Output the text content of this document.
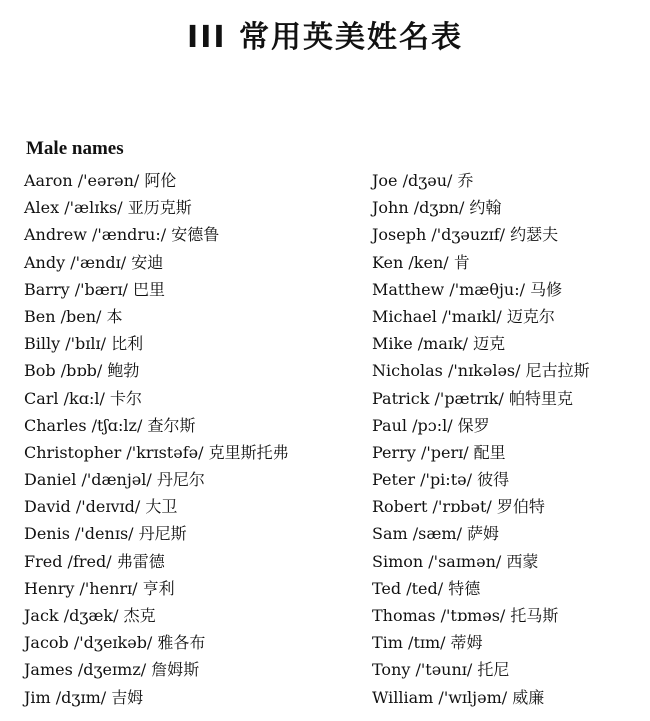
III 常用英美姓名表
Male names
Aaron /'eərən/ 阿伦
Alex /'ælɪks/ 亚历克斯
Andrew /'ændru:/ 安德鲁
Andy /'ændɪ/ 安迪
Barry /'bærɪ/ 巴里
Ben /ben/ 本
Billy /'bɪlɪ/ 比利
Bob /bɒb/ 鲍勃
Carl /kɑ:l/ 卡尔
Charles /tʃɑ:lz/ 查尔斯
Christopher /'krɪstəfə/ 克里斯托弗
Daniel /'dænjəl/ 丹尼尔
David /'deɪvɪd/ 大卫
Denis /'denɪs/ 丹尼斯
Fred /fred/ 弗雷德
Henry /'henrɪ/ 亨利
Jack /dʒæk/ 杰克
Jacob /'dʒeɪkəb/ 雅各布
James /dʒeɪmz/ 詹姆斯
Jim /dʒɪm/ 吉姆
Joe /dʒəu/ 乔
John /dʒɒn/ 约翰
Joseph /'dʒəuzɪf/ 约瑟夫
Ken /ken/ 肯
Matthew /'mæθju:/ 马修
Michael /'maɪkl/ 迈克尔
Mike /maɪk/ 迈克
Nicholas /'nɪkələs/ 尼古拉斯
Patrick /'pætrɪk/ 帕特里克
Paul /pɔ:l/ 保罗
Perry /'perɪ/ 配里
Peter /'pi:tə/ 彼得
Robert /'rɒbət/ 罗伯特
Sam /sæm/ 萨姆
Simon /'saɪmən/ 西蒙
Ted /ted/ 特德
Thomas /'tɒməs/ 托马斯
Tim /tɪm/ 蒂姆
Tony /'təunɪ/ 托尼
William /'wɪljəm/ 威廉
